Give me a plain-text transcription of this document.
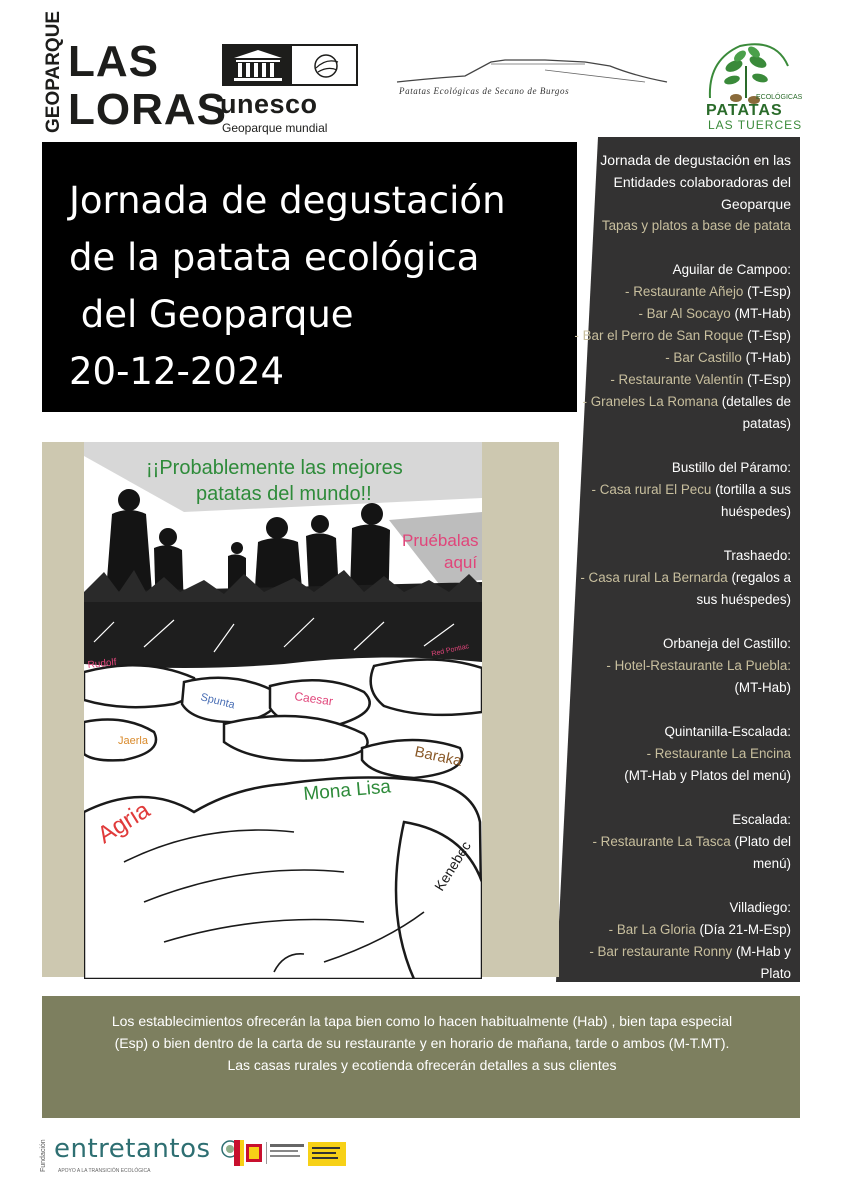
GEOPARQUE LAS
LORAS
unesco
Geoparque mundial
Patatas Ecológicas de Secano de Burgos
ECOLÓGICAS
PATATAS
LAS TUERCES
Jornada de degustación
de la patata ecológica
del Geoparque
20-12-2024

Jornada de degustación en las

Entidades colaboradoras del

Geoparque

Tapas y platos a base de patata

Aguilar de Campoo:

- Restaurante Añejo (T-Esp)

- Bar Al Socayo (MT-Hab)

- Bar el Perro de San Roque (T-Esp)

- Bar Castillo (T-Hab)

- Restaurante Valentín (T-Esp)

- Graneles La Romana (detalles de

patatas)

Bustillo del Páramo:

- Casa rural El Pecu (tortilla a sus

huéspedes)

Trashaedo:

- Casa rural La Bernarda (regalos a

sus huéspedes)

Orbaneja del Castillo:

- Hotel-Restaurante La Puebla:

(MT-Hab)

Quintanilla-Escalada:

- Restaurante La Encina

(MT-Hab y Platos del menú)

Escalada:

- Restaurante La Tasca (Plato del menú)

Villadiego:

- Bar La Gloria (Día 21-M-Esp)

- Bar restaurante Ronny (M-Hab y Plato

¡¡Probablemente las mejores
patatas del mundo!!
Pruébalas
aquí
Rudolf
Red Pontiac
Spunta	Caesar
Jaerla
Baraka
Mona Lisa
Agria
Kenebec
Los establecimientos ofrecerán la tapa bien como lo hacen habitualmente (Hab) , bien tapa especial
(Esp) o bien dentro de la carta de su restaurante y en horario de mañana, tarde o ambos (M-T.MT).
Las casas rurales y ecotienda ofrecerán detalles a sus clientes
Fundación entretantos
APOYO A LA TRANSICIÓN ECOLÓGICA
